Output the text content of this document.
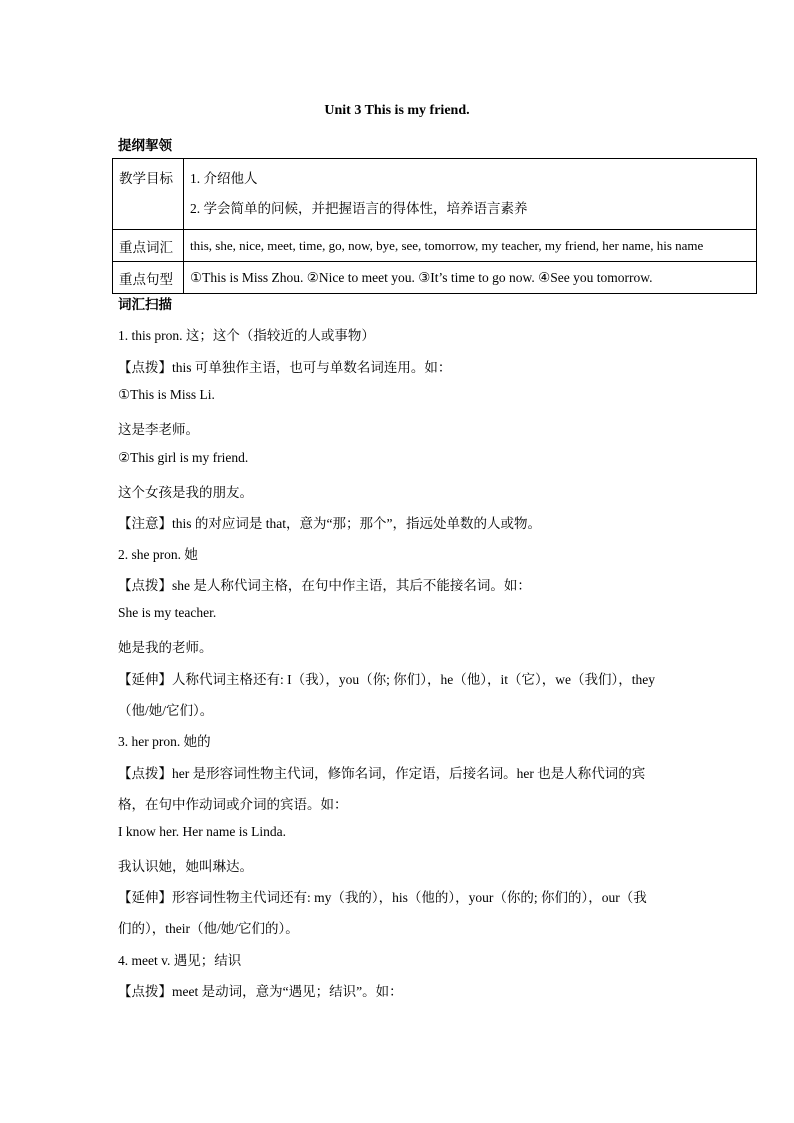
Unit 3 This is my friend.
提纲挈领
教学目标	1. 介绍他人
2. 学会简单的问候，并把握语言的得体性，培养语言素养

重点词汇	this, she, nice, meet, time, go, now, bye, see, tomorrow, my teacher, my friend, her name, his name
重点句型	①This is Miss Zhou. ②Nice to meet you. ③It’s time to go now. ④See you tomorrow.
词汇扫描
1. this pron. 这；这个（指较近的人或事物）
【点拨】this 可单独作主语，也可与单数名词连用。如：
①This is Miss Li.
这是李老师。
②This girl is my friend.
这个女孩是我的朋友。
【注意】this 的对应词是 that，意为“那；那个”，指远处单数的人或物。
2. she pron. 她
【点拨】she 是人称代词主格，在句中作主语，其后不能接名词。如：
She is my teacher.
她是我的老师。
【延伸】人称代词主格还有: I（我），you（你; 你们），he（他），it（它），we（我们），they
（他/她/它们）。
3. her pron. 她的
【点拨】her 是形容词性物主代词，修饰名词，作定语，后接名词。her 也是人称代词的宾
格，在句中作动词或介词的宾语。如：
I know her. Her name is Linda.
我认识她，她叫琳达。
【延伸】形容词性物主代词还有: my（我的），his（他的），your（你的; 你们的），our（我
们的），their（他/她/它们的）。
4. meet v. 遇见；结识
【点拨】meet 是动词，意为“遇见；结识”。如：
